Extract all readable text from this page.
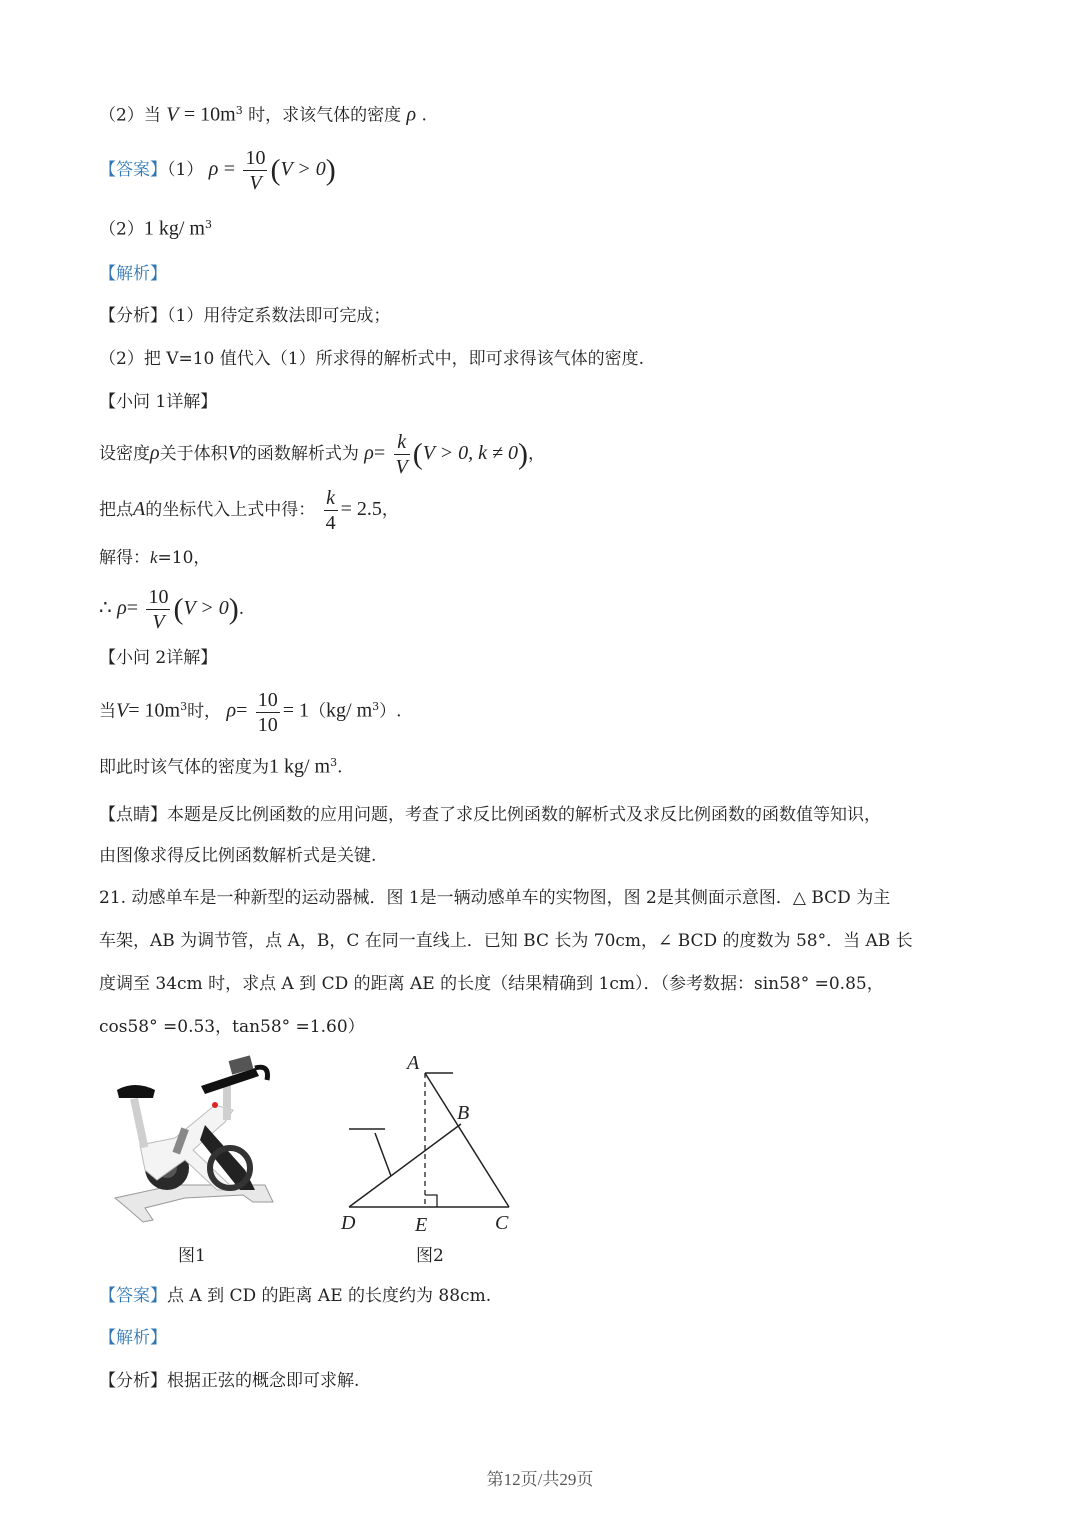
（2）当 $V = 10m^3$ 时，求该气体的密度 ρ .
【答案】（1） $\rho = \frac{10}{V} (V > 0)$
（2）1 kg/ $m^3$
【解析】
【分析】（1）用待定系数法即可完成；
（2）把 V=10 值代入（1）所求得的解析式中，即可求得该气体的密度.
【小问 1详解】
设密度ρ关于体积V的函数解析式为 $\rho= \frac{k}{V} (V > 0$, k ≠ 0)，
把点A的坐标代入上式中得： $\frac{k}{4} = 2.5$，
解得：k=10，
∴ $\rho= \frac{10}{V} (V > 0)$.
【小问 2详解】
当$V= 10m^3$时， $\rho= \frac{10}{10} = 1(kg/$ $m^3$）.
即此时该气体的密度为1 kg/ $m^3$.
【点睛】本题是反比例函数的应用问题，考查了求反比例函数的解析式及求反比例函数的函数值等知识，
由图像求得反比例函数解析式是关键.
21. 动感单车是一种新型的运动器械．图 1是一辆动感单车的实物图，图 2是其侧面示意图．△ BCD 为主
车架，AB 为调节管，点 A，B，C 在同一直线上．已知 BC 长为 70cm，∠ BCD 的度数为 58°．当 AB 长
度调至 34cm 时，求点 A 到 CD 的距离 AE 的长度（结果精确到 1cm）．（参考数据：sin58° =0.85，
cos58° =0.53，tan58° =1.60）
图1
A
B
C
D	E
图2
【答案】点 A 到 CD 的距离 AE 的长度约为 88cm.
【解析】
【分析】根据正弦的概念即可求解.
第12页/共29页
